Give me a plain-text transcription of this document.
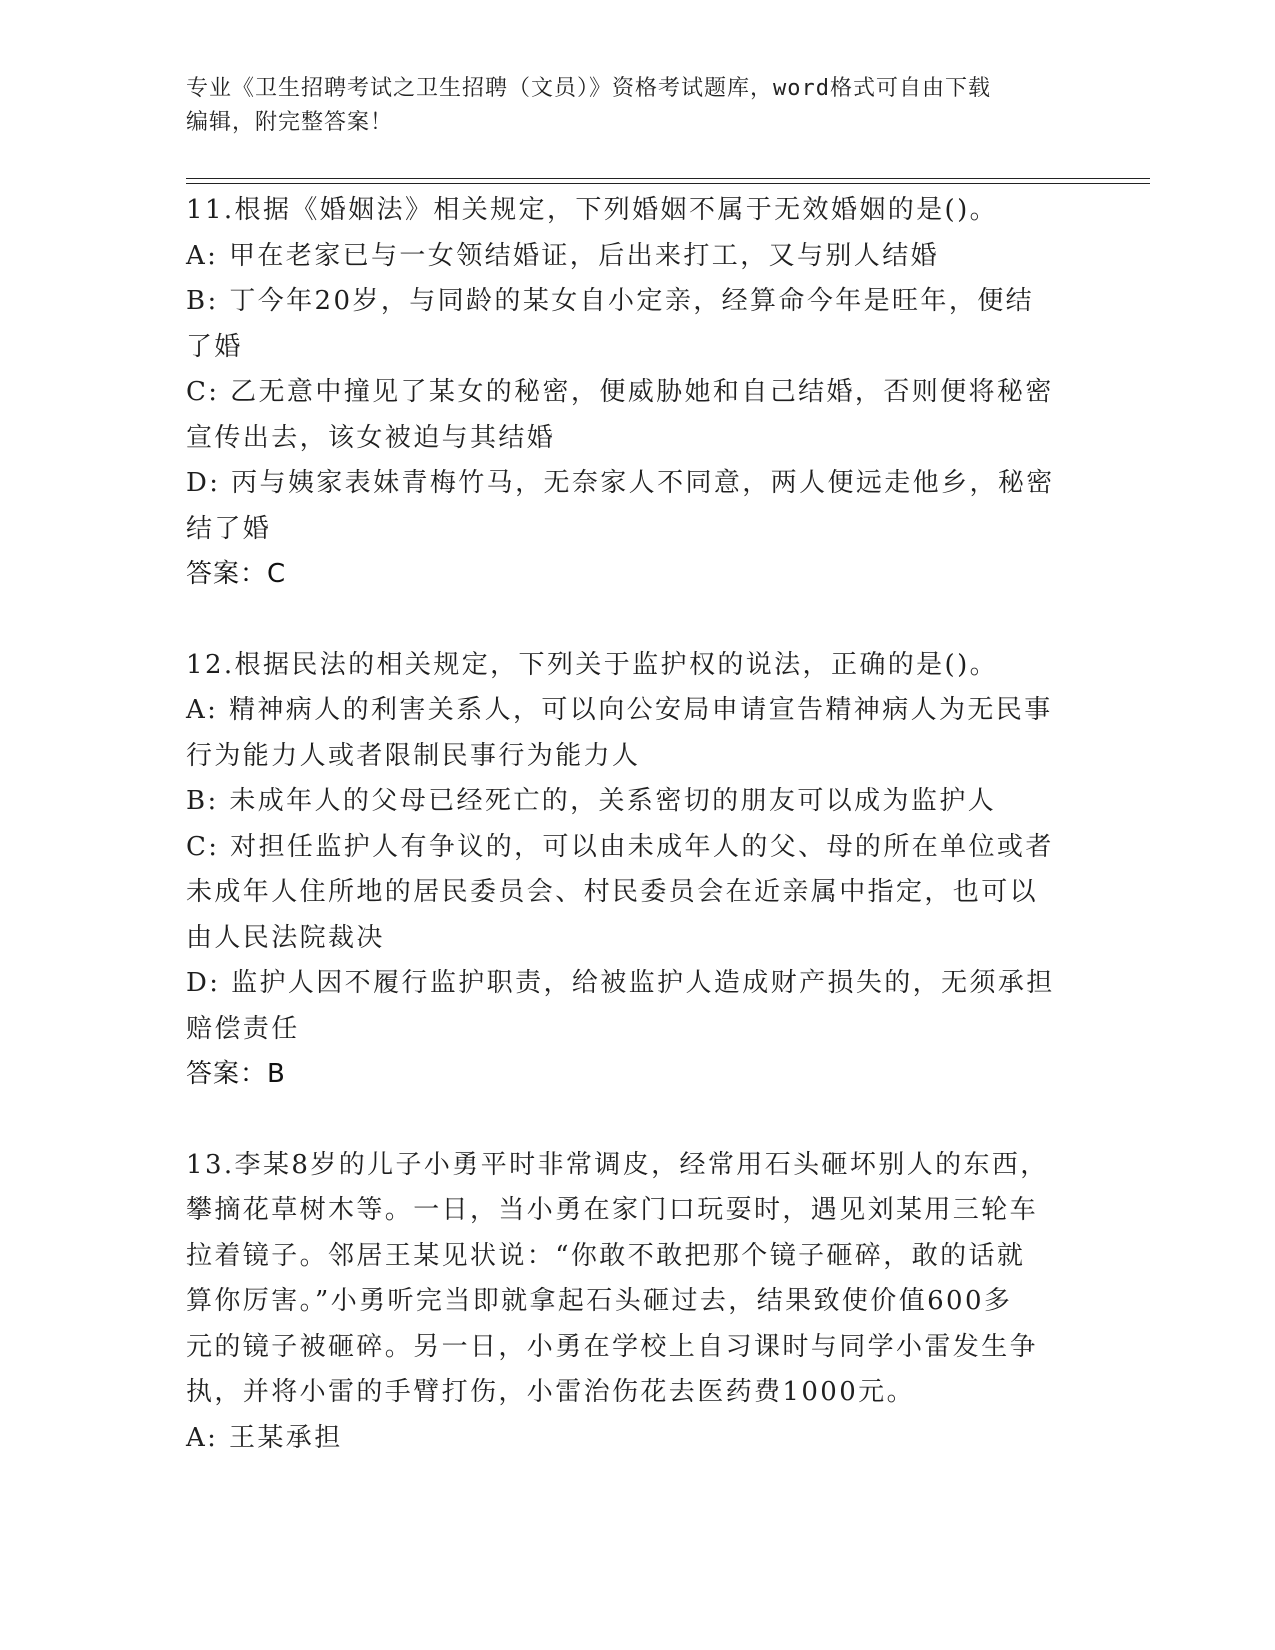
专业《卫生招聘考试之卫生招聘（文员）》资格考试题库，word格式可自由下载
编辑，附完整答案！
11.根据《婚姻法》相关规定，下列婚姻不属于无效婚姻的是()。
A: 甲在老家已与一女领结婚证，后出来打工，又与别人结婚
B: 丁今年20岁，与同龄的某女自小定亲，经算命今年是旺年，便结
了婚
C: 乙无意中撞见了某女的秘密，便威胁她和自己结婚，否则便将秘密
宣传出去，该女被迫与其结婚
D: 丙与姨家表妹青梅竹马，无奈家人不同意，两人便远走他乡，秘密
结了婚
答案：C
12.根据民法的相关规定，下列关于监护权的说法，正确的是()。
A: 精神病人的利害关系人，可以向公安局申请宣告精神病人为无民事
行为能力人或者限制民事行为能力人
B: 未成年人的父母已经死亡的，关系密切的朋友可以成为监护人
C: 对担任监护人有争议的，可以由未成年人的父、母的所在单位或者
未成年人住所地的居民委员会、村民委员会在近亲属中指定，也可以
由人民法院裁决
D: 监护人因不履行监护职责，给被监护人造成财产损失的，无须承担
赔偿责任
答案：B
13.李某8岁的儿子小勇平时非常调皮，经常用石头砸坏别人的东西，
攀摘花草树木等。一日，当小勇在家门口玩耍时，遇见刘某用三轮车
拉着镜子。邻居王某见状说：“你敢不敢把那个镜子砸碎，敢的话就
算你厉害。”小勇听完当即就拿起石头砸过去，结果致使价值600多
元的镜子被砸碎。另一日，小勇在学校上自习课时与同学小雷发生争
执，并将小雷的手臂打伤，小雷治伤花去医药费1000元。
A: 王某承担
